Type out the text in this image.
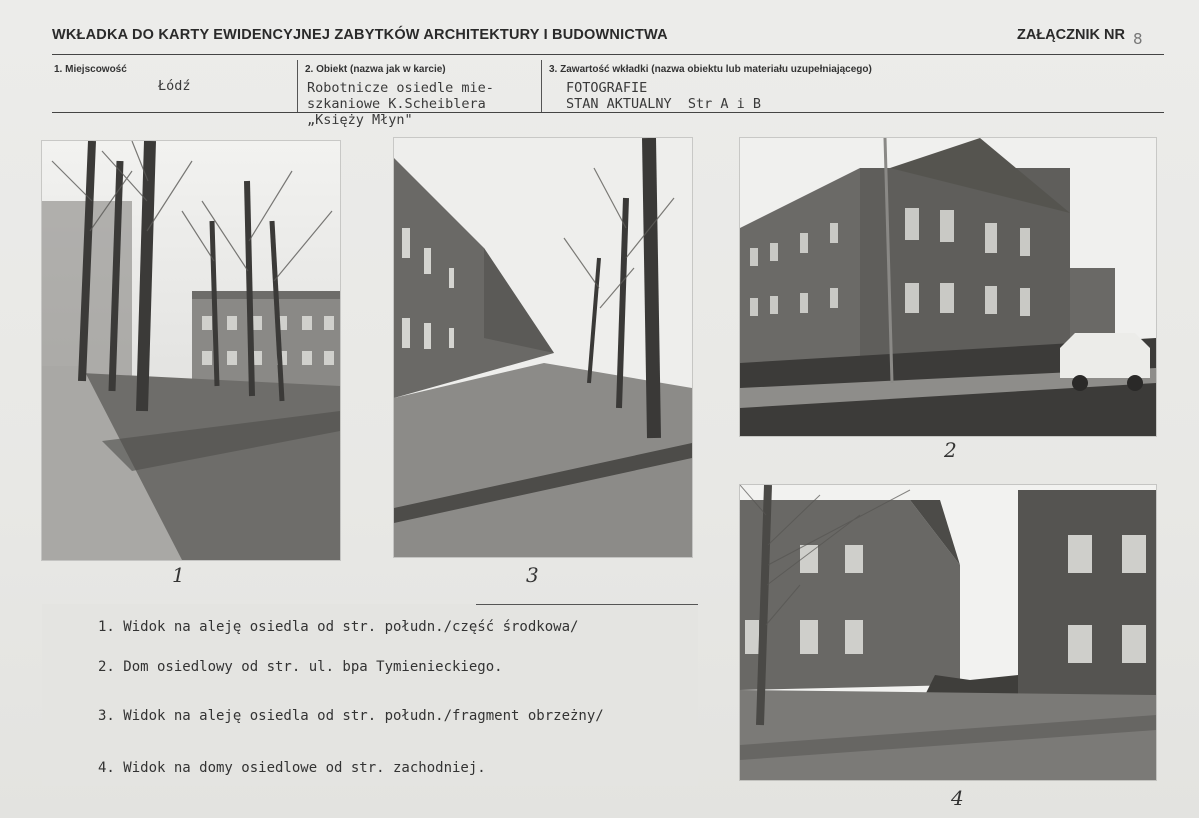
WKŁADKA DO KARTY EWIDENCYJNEJ ZABYTKÓW ARCHITEKTURY I BUDOWNICTWA	ZAŁĄCZNIK NR 8
1. Miejscowość	2. Obiekt (nazwa jak w karcie)	3. Zawartość wkładki (nazwa obiektu lub materiału uzupełniającego)
Łódź	Robotnicze osiedle mie-
szkaniowe K.Scheiblera
„Księży Młyn"
FOTOGRAFIE
STAN AKTUALNY  Str A i B
1	3
2
4
1. Widok na aleję osiedla od str. połudn./część środkowa/
2. Dom osiedlowy od str. ul. bpa Tymienieckiego.
3. Widok na aleję osiedla od str. połudn./fragment obrzeżny/
4. Widok na domy osiedlowe od str. zachodniej.
